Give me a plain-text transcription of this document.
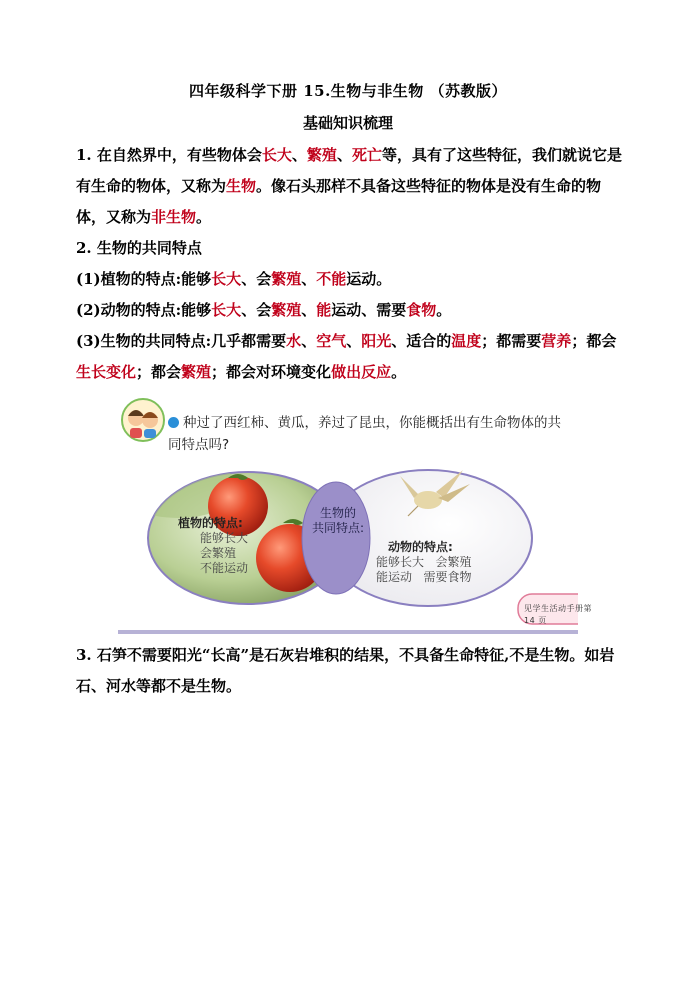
四年级科学下册 15.生物与非生物 （苏教版）
基础知识梳理
1. 在自然界中，有些物体会长大、繁殖、死亡等，具有了这些特征，我们就说它是有生命的物体，又称为生物。像石头那样不具备这些特征的物体是没有生命的物体，又称为非生物。
2. 生物的共同特点
(1)植物的特点:能够长大、会繁殖、不能运动。
(2)动物的特点:能够长大、会繁殖、能运动、需要食物。
(3)生物的共同特点:几乎都需要水、空气、阳光、适合的温度；都需要营养；都会生长变化；都会繁殖；都会对环境变化做出反应。
种过了西红柿、黄瓜，养过了昆虫，你能概括出有生命物体的共同特点吗?
植物的特点:
能够长大
会繁殖
不能运动
生物的
共同特点:
动物的特点:
能够长大   会繁殖
能运动   需要食物
见学生活动手册第 14 页
3. 石笋不需要阳光“长高”是石灰岩堆积的结果，不具备生命特征,不是生物。如岩石、河水等都不是生物。
